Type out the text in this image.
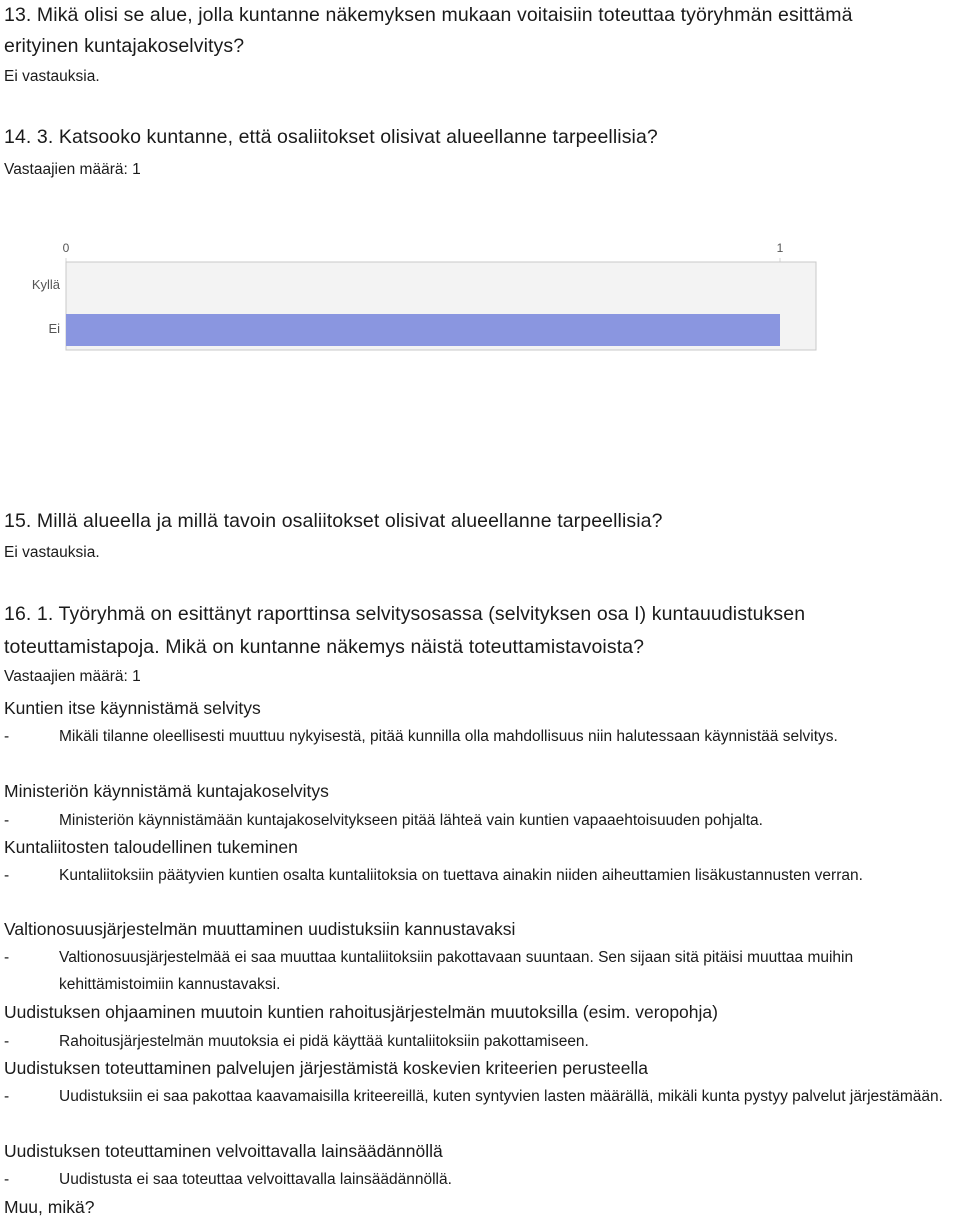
13. Mikä olisi se alue, jolla kuntanne näkemyksen mukaan voitaisiin toteuttaa työryhmän esittämä
erityinen kuntajakoselvitys?
Ei vastauksia.
14. 3. Katsooko kuntanne, että osaliitokset olisivat alueellanne tarpeellisia?
Vastaajien määrä: 1
0	1
Kyllä
Ei
15. Millä alueella ja millä tavoin osaliitokset olisivat alueellanne tarpeellisia?
Ei vastauksia.
16. 1. Työryhmä on esittänyt raporttinsa selvitysosassa (selvityksen osa I) kuntauudistuksen
toteuttamistapoja. Mikä on kuntanne näkemys näistä toteuttamistavoista?
Vastaajien määrä: 1
Kuntien itse käynnistämä selvitys
-	Mikäli tilanne oleellisesti muuttuu nykyisestä, pitää kunnilla olla mahdollisuus niin halutessaan käynnistää selvitys.
Ministeriön käynnistämä kuntajakoselvitys
-	Ministeriön käynnistämään kuntajakoselvitykseen pitää lähteä vain kuntien vapaaehtoisuuden pohjalta.
Kuntaliitosten taloudellinen tukeminen
-	Kuntaliitoksiin päätyvien kuntien osalta kuntaliitoksia on tuettava ainakin niiden aiheuttamien lisäkustannusten verran.
Valtionosuusjärjestelmän muuttaminen uudistuksiin kannustavaksi
-	Valtionosuusjärjestelmää ei saa muuttaa kuntaliitoksiin pakottavaan suuntaan. Sen sijaan sitä pitäisi muuttaa muihin kehittämistoimiin kannustavaksi.
Uudistuksen ohjaaminen muutoin kuntien rahoitusjärjestelmän muutoksilla (esim. veropohja)
-	Rahoitusjärjestelmän muutoksia ei pidä käyttää kuntaliitoksiin pakottamiseen.
Uudistuksen toteuttaminen palvelujen järjestämistä koskevien kriteerien perusteella
-	Uudistuksiin ei saa pakottaa kaavamaisilla kriteereillä, kuten syntyvien lasten määrällä, mikäli kunta pystyy palvelut järjestämään.
Uudistuksen toteuttaminen velvoittavalla lainsäädännöllä
-	Uudistusta ei saa toteuttaa velvoittavalla lainsäädännöllä.
Muu, mikä?
